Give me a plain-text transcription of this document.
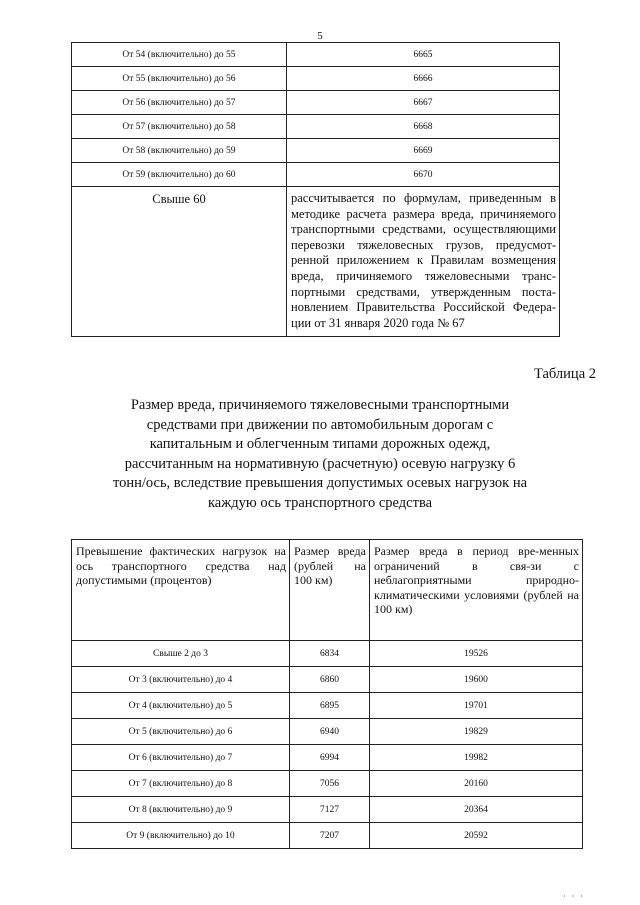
5
От 54 (включительно) до 55	6665
От 55 (включительно) до 56	6666
От 56 (включительно) до 57	6667
От 57 (включительно) до 58	6668
От 58 (включительно) до 59	6669
От 59 (включительно) до 60	6670
Свыше 60	рассчитывается по формулам, приведенным в методике расчета размера вреда, причиняемого транспортными средствами, осуществляющими перевозки тяжеловесных грузов, предусмот-ренной приложением к Правилам возмещения вреда, причиняемого тяжеловесными транс-портными средствами, утвержденным поста-новлением Правительства Российской Федера-ции от 31 января 2020 года № 67
Таблица 2
Размер вреда, причиняемого тяжеловесными транспортными средствами при движении по автомобильным дорогам с капитальным и облегченным типами дорожных одежд, рассчитанным на нормативную (расчетную) осевую нагрузку 6 тонн/ось, вследствие превышения допустимых осевых нагрузок на каждую ось транспортного средства
Превышение фактических нагрузок на ось транспортного средства над допустимыми (процентов)	Размер вреда (рублей на 100 км)	Размер вреда в период вре-менных ограничений в свя-зи с неблагоприятными природно-климатическими условиями (рублей на 100 км)
Свыше 2 до 3	6834	19526
От 3 (включительно) до 4	6860	19600
От 4 (включительно) до 5	6895	19701
От 5 (включительно) до 6	6940	19829
От 6 (включительно) до 7	6994	19982
От 7 (включительно) до 8	7056	20160
От 8 (включительно) до 9	7127	20364
От 9 (включительно) до 10	7207	20592
· · ·
